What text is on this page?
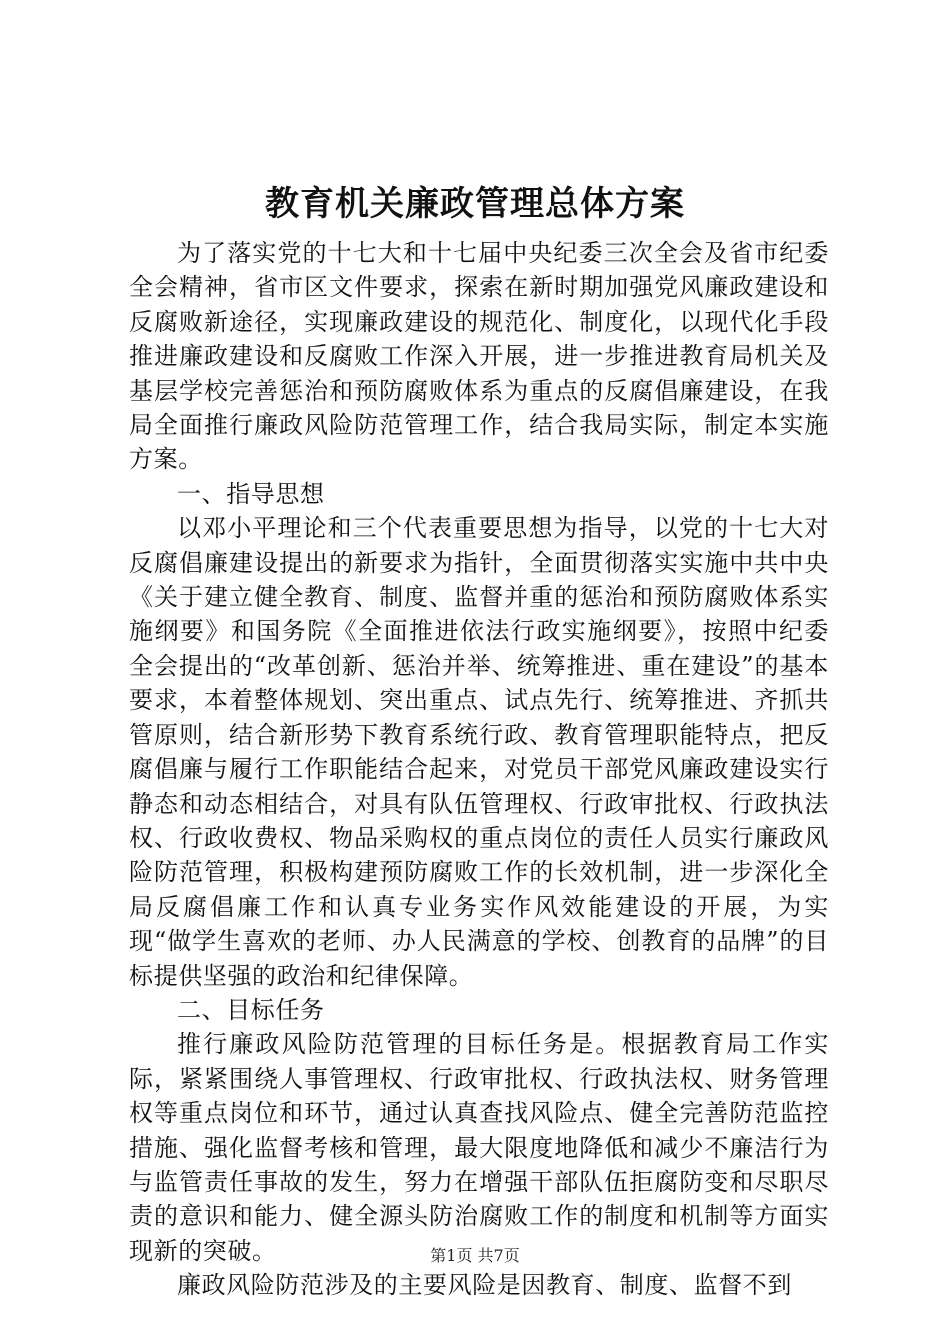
教育机关廉政管理总体方案

为了落实党的十七大和十七届中央纪委三次全会及省市纪委全会精神，省市区文件要求，探索在新时期加强党风廉政建设和反腐败新途径，实现廉政建设的规范化、制度化，以现代化手段推进廉政建设和反腐败工作深入开展，进一步推进教育局机关及基层学校完善惩治和预防腐败体系为重点的反腐倡廉建设，在我局全面推行廉政风险防范管理工作，结合我局实际，制定本实施方案。

一、指导思想

以邓小平理论和三个代表重要思想为指导，以党的十七大对反腐倡廉建设提出的新要求为指针，全面贯彻落实实施中共中央《关于建立健全教育、制度、监督并重的惩治和预防腐败体系实施纲要》和国务院《全面推进依法行政实施纲要》，按照中纪委全会提出的“改革创新、惩治并举、统筹推进、重在建设”的基本要求，本着整体规划、突出重点、试点先行、统筹推进、齐抓共管原则，结合新形势下教育系统行政、教育管理职能特点，把反腐倡廉与履行工作职能结合起来，对党员干部党风廉政建设实行静态和动态相结合，对具有队伍管理权、行政审批权、行政执法权、行政收费权、物品采购权的重点岗位的责任人员实行廉政风险防范管理，积极构建预防腐败工作的长效机制，进一步深化全局反腐倡廉工作和认真专业务实作风效能建设的开展，为实现“做学生喜欢的老师、办人民满意的学校、创教育的品牌”的目标提供坚强的政治和纪律保障。

二、目标任务

推行廉政风险防范管理的目标任务是。根据教育局工作实际，紧紧围绕人事管理权、行政审批权、行政执法权、财务管理权等重点岗位和环节，通过认真查找风险点、健全完善防范监控措施、强化监督考核和管理，最大限度地降低和减少不廉洁行为与监管责任事故的发生，努力在增强干部队伍拒腐防变和尽职尽责的意识和能力、健全源头防治腐败工作的制度和机制等方面实现新的突破。

廉政风险防范涉及的主要风险是因教育、制度、监督不到

第1页 共7页
